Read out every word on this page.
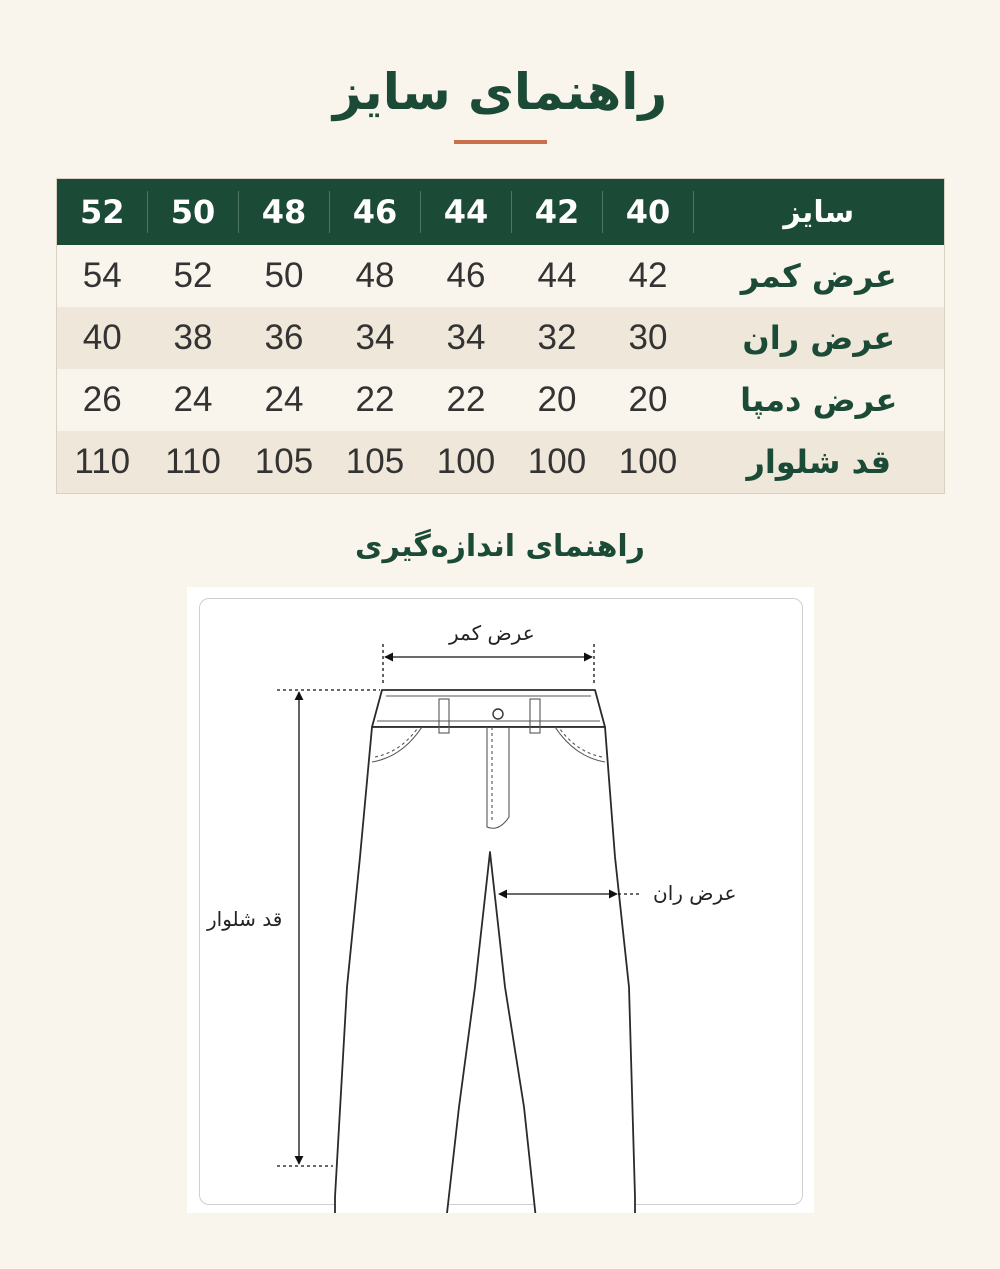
راهنمای سایز
52	50	48	46	44	42	40	سایز
54	52	50	48	46	44	42	عرض کمر
40	38	36	34	34	32	30	عرض ران
26	24	24	22	22	20	20	عرض دمپا
110	110	105	105	100	100	100	قد شلوار
راهنمای اندازه‌گیری
عرض کمر
عرض ران
قد شلوار
